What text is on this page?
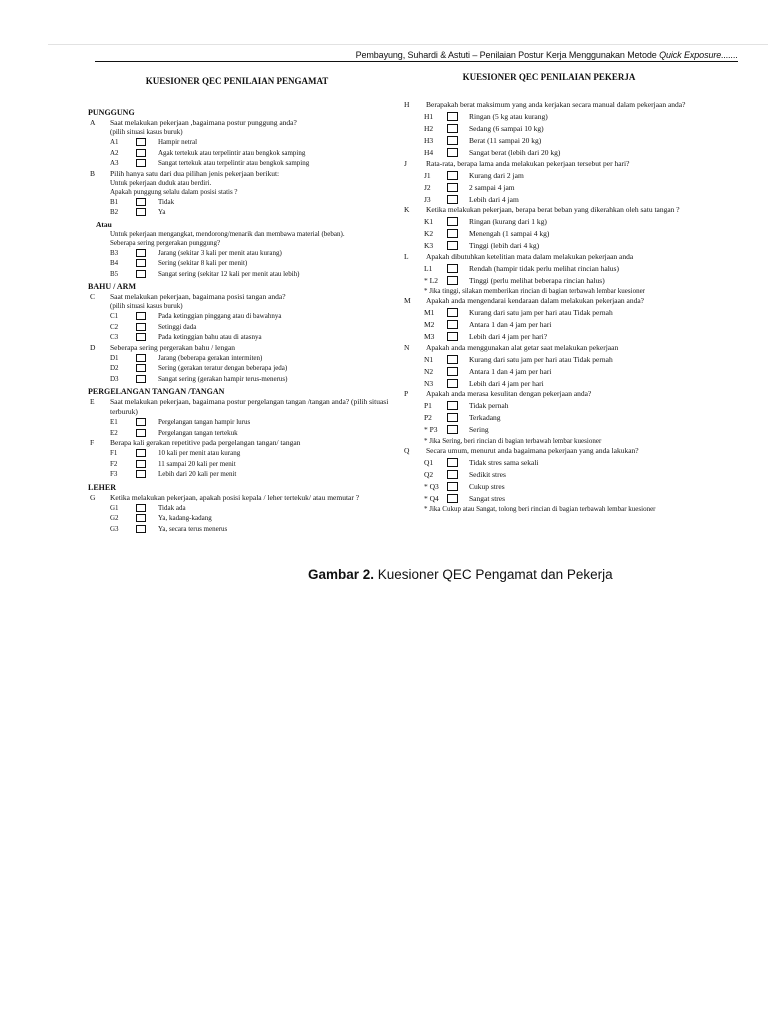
Pembayung, Suhardi & Astuti – Penilaian Postur Kerja Menggunakan Metode Quick Exposure.......
KUESIONER QEC PENILAIAN PENGAMAT
PUNGGUNG
A Saat melakukan pekerjaan ,bagaimana postur punggung anda?
(pilih situasi kasus buruk)
A1	Hampir netral
A2	Agak tertekuk atau terpelintir atau bengkok samping
A3	Sangat tertekuk atau terpelintir atau bengkok samping
B Pilih hanya satu dari dua pilihan jenis pekerjaan berikut:
Untuk pekerjaan duduk atau berdiri.
Apakah punggung selalu dalam posisi statis ?
B1	Tidak
B2	Ya
Atau
Untuk pekerjaan mengangkat, mendorong/menarik dan membawa material (beban).
Seberapa sering pergerakan punggung?
B3	Jarang (sekitar 3 kali per menit atau kurang)
B4	Sering (sekitar 8 kali per menit)
B5	Sangat sering (sekitar 12 kali per menit atau lebih)
BAHU / ARM
C Saat melakukan pekerjaan, bagaimana posisi tangan anda?
(pilih situasi kasus buruk)
C1	Pada ketinggian pinggang atau di bawahnya
C2	Setinggi dada
C3	Pada ketinggian bahu atau di atasnya
D Seberapa sering pergerakan bahu / lengan
D1	Jarang (beberapa gerakan intermiten)
D2	Sering (gerakan teratur dengan beberapa jeda)
D3	Sangat sering (gerakan hampir terus-menerus)
PERGELANGAN TANGAN /TANGAN
E Saat melakukan pekerjaan, bagaimana postur pergelangan tangan /tangan anda? (pilih situasi terburuk)
E1	Pergelangan tangan hampir lurus
E2	Pergelangan tangan tertekuk
F Berapa kali gerakan repetitive pada pergelangan tangan/ tangan
F1	10 kali per menit atau kurang
F2	11 sampai 20 kali per menit
F3	Lebih dari 20 kali per menit
LEHER
G Ketika melakukan pekerjaan, apakah posisi kepala / leher tertekuk/ atau memutar ?
G1	Tidak ada
G2	Ya, kadang-kadang
G3	Ya, secara terus menerus
KUESIONER QEC PENILAIAN PEKERJA
H Berapakah berat maksimum yang anda kerjakan secara manual dalam pekerjaan anda?
H1	Ringan (5 kg atau kurang)
H2	Sedang (6 sampai 10 kg)
H3	Berat (11 sampai 20 kg)
H4	Sangat berat (lebih dari 20 kg)
J	Rata-rata, berapa lama anda melakukan pekerjaan tersebut per hari?
J1	Kurang dari 2 jam
J2	2 sampai 4 jam
J3	Lebih dari 4 jam
K Ketika melakukan pekerjaan, berapa berat beban yang dikerahkan oleh satu tangan ?
K1	Ringan (kurang dari 1 kg)
K2	Menengah (1 sampai 4 kg)
K3	Tinggi (lebih dari 4 kg)
L Apakah dibutuhkan ketelitian mata dalam melakukan pekerjaan anda
L1	Rendah (hampir tidak perlu melihat rincian halus)
* L2	Tinggi (perlu melihat beberapa rincian halus)
* Jika tinggi, silakan memberikan rincian di bagian terbawah lembar kuesioner
M Apakah anda mengendarai kendaraan dalam melakukan pekerjaan anda?
M1	Kurang dari satu jam per hari atau Tidak pernah
M2	Antara 1 dan 4 jam per hari
M3	Lebih dari 4 jam per hari?
N Apakah anda menggunakan alat getar saat melakukan pekerjaan
N1	Kurang dari satu jam per hari atau Tidak pernah
N2	Antara 1 dan 4 jam per hari
N3	Lebih dari 4 jam per hari
P Apakah anda merasa kesulitan dengan pekerjaan anda?
P1	Tidak pernah
P2	Terkadang
* P3	Sering
* Jika Sering, beri rincian di bagian terbawah lembar kuesioner
Q Secara umum, menurut anda bagaimana pekerjaan yang anda lakukan?
Q1	Tidak stres sama sekali
Q2	Sedikit stres
* Q3	Cukup stres
* Q4	Sangat stres
* Jika Cukup atau Sangat, tolong beri rincian di bagian terbawah lembar kuesioner
Gambar 2. Kuesioner QEC Pengamat dan Pekerja
